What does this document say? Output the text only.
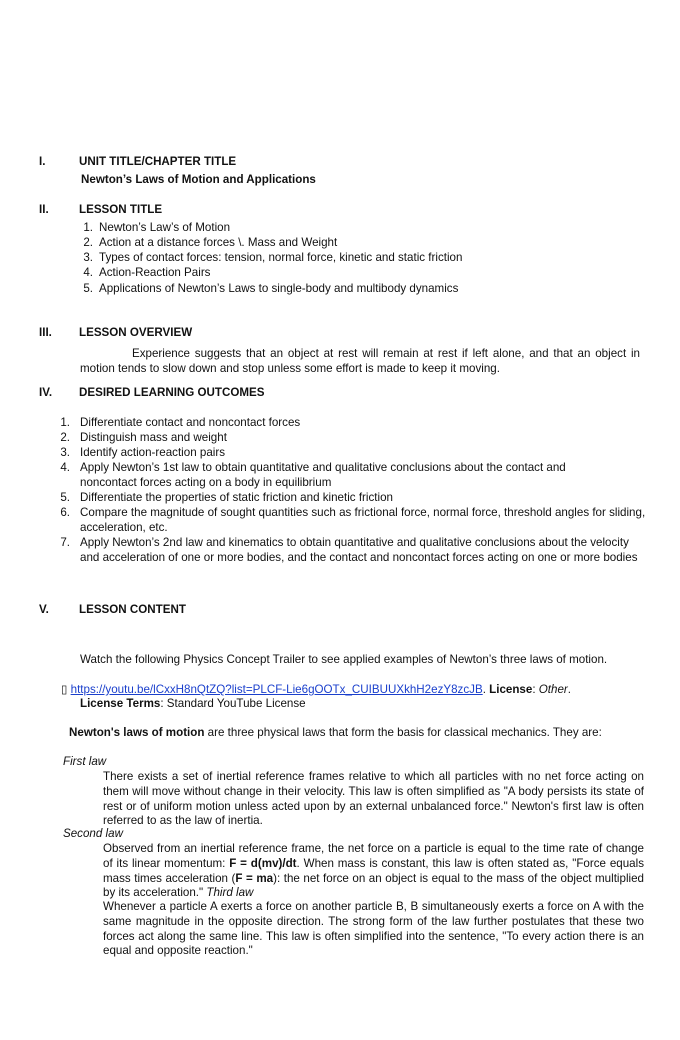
I.	UNIT TITLE/CHAPTER TITLE
Newton’s Laws of Motion and Applications
II.	LESSON TITLE
1. Newton’s Law’s of Motion
2. Action at a distance forces \. Mass and Weight
3. Types of contact forces: tension, normal force, kinetic and static friction
4. Action-Reaction Pairs
5. Applications of Newton’s Laws to single-body and multibody dynamics
III. LESSON OVERVIEW
Experience suggests that an object at rest will remain at rest if left alone, and that an object in motion tends to slow down and stop unless some effort is made to keep it moving.
IV. DESIRED LEARNING OUTCOMES
1. Differentiate contact and noncontact forces
2. Distinguish mass and weight
3. Identify action-reaction pairs
4. Apply Newton’s 1st law to obtain quantitative and qualitative conclusions about the contact and noncontact forces acting on a body in equilibrium
5. Differentiate the properties of static friction and kinetic friction
6. Compare the magnitude of sought quantities such as frictional force, normal force, threshold angles for sliding, acceleration, etc.
7. Apply Newton’s 2nd law and kinematics to obtain quantitative and qualitative conclusions about the velocity and acceleration of one or more bodies, and the contact and noncontact forces acting on one or more bodies
V.	LESSON CONTENT
Watch the following Physics Concept Trailer to see applied examples of Newton’s three laws of motion.
▯ https://youtu.be/lCxxH8nQtZQ?list=PLCF-Lie6gOOTx_CUIBUUXkhH2ezY8zcJB. License: Other.
License Terms: Standard YouTube License
Newton's laws of motion are three physical laws that form the basis for classical mechanics. They are:
First law
There exists a set of inertial reference frames relative to which all particles with no net force acting on them will move without change in their velocity. This law is often simplified as "A body persists its state of rest or of uniform motion unless acted upon by an external unbalanced force." Newton's first law is often referred to as the law of inertia.
Second law
Observed from an inertial reference frame, the net force on a particle is equal to the time rate of change of its linear momentum: F = d(mv)/dt. When mass is constant, this law is often stated as, "Force equals mass times acceleration (F = ma): the net force on an object is equal to the mass of the object multiplied by its acceleration." Third law
Whenever a particle A exerts a force on another particle B, B simultaneously exerts a force on A with the same magnitude in the opposite direction. The strong form of the law further postulates that these two forces act along the same line. This law is often simplified into the sentence, "To every action there is an equal and opposite reaction."
